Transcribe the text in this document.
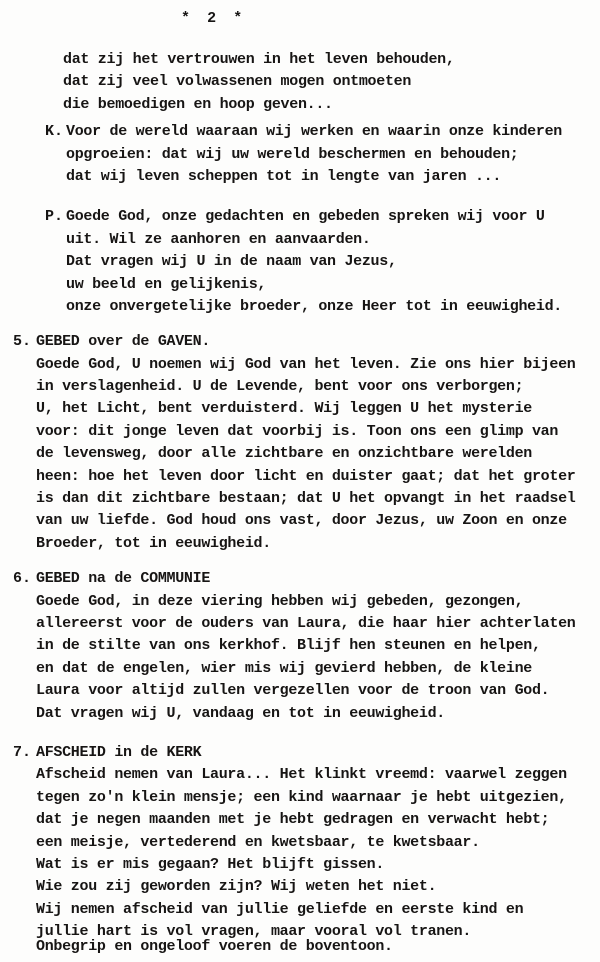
*  2  *
dat zij het vertrouwen in het leven behouden,
dat zij veel volwassenen mogen ontmoeten
die bemoedigen en hoop geven...
K. Voor de wereld waaraan wij werken en waarin onze kinderen
opgroeien: dat wij uw wereld beschermen en behouden;
dat wij leven scheppen tot in lengte van jaren ...
P. Goede God, onze gedachten en gebeden spreken wij voor U
uit. Wil ze aanhoren en aanvaarden.
Dat vragen wij U in de naam van Jezus,
uw beeld en gelijkenis,
onze onvergetelijke broeder, onze Heer tot in eeuwigheid.
5. GEBED over de GAVEN.
Goede God, U noemen wij God van het leven. Zie ons hier bijeen
in verslagenheid. U de Levende, bent voor ons verborgen;
U, het Licht, bent verduisterd. Wij leggen U het mysterie
voor: dit jonge leven dat voorbij is. Toon ons een glimp van
de levensweg, door alle zichtbare en onzichtbare werelden
heen: hoe het leven door licht en duister gaat; dat het groter
is dan dit zichtbare bestaan; dat U het opvangt in het raadsel
van uw liefde. God houd ons vast, door Jezus, uw Zoon en onze
Broeder, tot in eeuwigheid.
6. GEBED na de COMMUNIE
Goede God, in deze viering hebben wij gebeden, gezongen,
allereerst voor de ouders van Laura, die haar hier achterlaten
in de stilte van ons kerkhof. Blijf hen steunen en helpen,
en dat de engelen, wier mis wij gevierd hebben, de kleine
Laura voor altijd zullen vergezellen voor de troon van God.
Dat vragen wij U, vandaag en tot in eeuwigheid.
7. AFSCHEID in de KERK
Afscheid nemen van Laura... Het klinkt vreemd: vaarwel zeggen
tegen zo'n klein mensje; een kind waarnaar je hebt uitgezien,
dat je negen maanden met je hebt gedragen en verwacht hebt;
een meisje, vertederend en kwetsbaar, te kwetsbaar.
Wat is er mis gegaan? Het blijft gissen.
Wie zou zij geworden zijn? Wij weten het niet.
Wij nemen afscheid van jullie geliefde en eerste kind en
jullie hart is vol vragen, maar vooral vol tranen.
Onbegrip en ongeloof voeren de boventoon.
